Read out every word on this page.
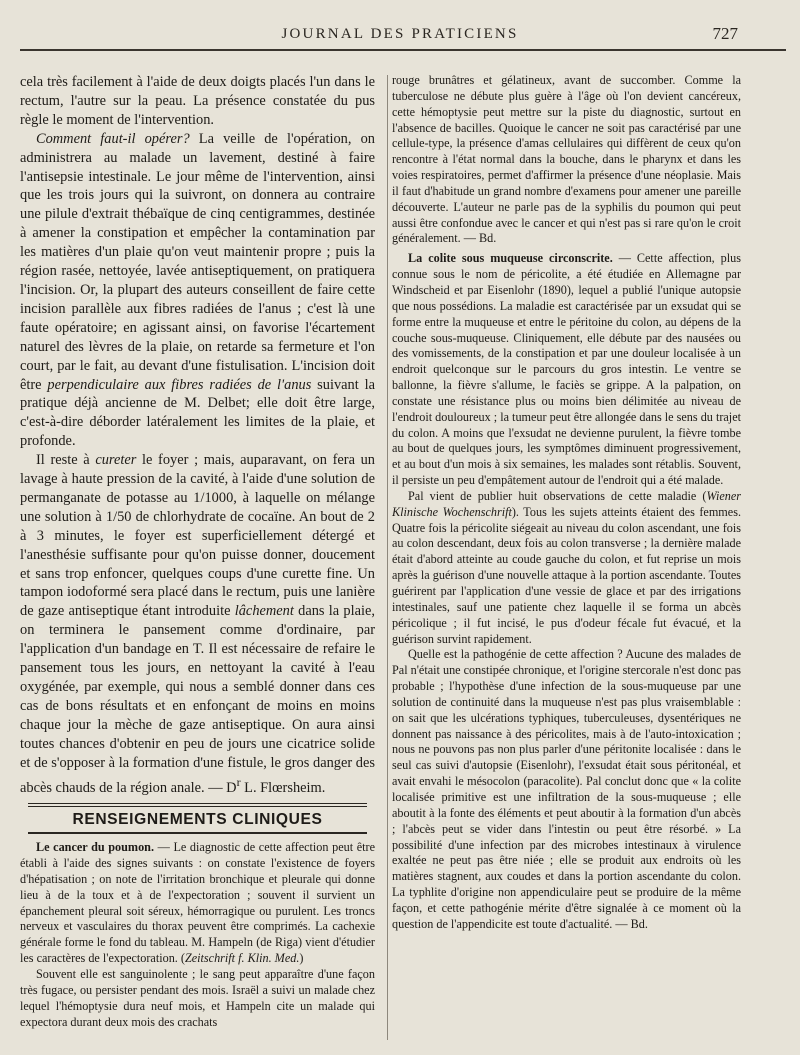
JOURNAL DES PRATICIENS	727

cela très facilement à l'aide de deux doigts placés l'un dans le rectum, l'autre sur la peau. La présence constatée du pus règle le moment de l'intervention.

Comment faut-il opérer? La veille de l'opération, on administrera au malade un lavement, destiné à faire l'antisepsie intestinale. Le jour même de l'intervention, ainsi que les trois jours qui la suivront, on donnera au contraire une pilule d'extrait thébaïque de cinq centigrammes, destinée à amener la constipation et empêcher la contamination par les matières d'un plaie qu'on veut maintenir propre ; puis la région rasée, nettoyée, lavée antiseptiquement, on pratiquera l'incision. Or, la plupart des auteurs conseillent de faire cette incision parallèle aux fibres radiées de l'anus ; c'est là une faute opératoire; en agissant ainsi, on favorise l'écartement naturel des lèvres de la plaie, on retarde sa fermeture et l'on court, par le fait, au devant d'une fistulisation. L'incision doit être perpendiculaire aux fibres radiées de l'anus suivant la pratique déjà ancienne de M. Delbet; elle doit être large, c'est-à-dire déborder latéralement les limites de la plaie, et profonde.

Il reste à cureter le foyer ; mais, auparavant, on fera un lavage à haute pression de la cavité, à l'aide d'une solution de permanganate de potasse au 1/1000, à laquelle on mélange une solution à 1/50 de chlorhydrate de cocaïne. An bout de 2 à 3 minutes, le foyer est superficiellement détergé et l'anesthésie suffisante pour qu'on puisse donner, doucement et sans trop enfoncer, quelques coups d'une curette fine. Un tampon iodoformé sera placé dans le rectum, puis une lanière de gaze antiseptique étant introduite lâchement dans la plaie, on terminera le pansement comme d'ordinaire, par l'application d'un bandage en T. Il est nécessaire de refaire le pansement tous les jours, en nettoyant la cavité à l'eau oxygénée, par exemple, qui nous a semblé donner dans ces cas de bons résultats et en enfonçant de moins en moins chaque jour la mèche de gaze antiseptique. On aura ainsi toutes chances d'obtenir en peu de jours une cicatrice solide et de s'opposer à la formation d'une fistule, le gros danger des abcès chauds de la région anale. — $D^r$ L. Flœrsheim.

RENSEIGNEMENTS CLINIQUES

Le cancer du poumon. — Le diagnostic de cette affection peut être établi à l'aide des signes suivants : on constate l'existence de foyers d'hépatisation ; on note de l'irritation bronchique et pleurale qui donne lieu à de la toux et à de l'expectoration ; souvent il survient un épanchement pleural soit séreux, hémorragique ou purulent. Les troncs nerveux et vasculaires du thorax peuvent être comprimés. La cachexie générale forme le fond du tableau. M. Hampeln (de Riga) vient d'étudier les caractères de l'expectoration. (Zeitschrift f. Klin. Med.)

Souvent elle est sanguinolente ; le sang peut apparaître d'une façon très fugace, ou persister pendant des mois. Israël a suivi un malade chez lequel l'hémoptysie dura neuf mois, et Hampeln cite un malade qui expectora durant deux mois des crachats

rouge brunâtres et gélatineux, avant de succomber. Comme la tuberculose ne débute plus guère à l'âge où l'on devient cancéreux, cette hémoptysie peut mettre sur la piste du diagnostic, surtout en l'absence de bacilles. Quoique le cancer ne soit pas caractérisé par une cellule-type, la présence d'amas cellulaires qui diffèrent de ceux qu'on rencontre à l'état normal dans la bouche, dans le pharynx et dans les voies respiratoires, permet d'affirmer la présence d'une néoplasie. Mais il faut d'habitude un grand nombre d'examens pour amener une pareille découverte. L'auteur ne parle pas de la syphilis du poumon qui peut aussi être confondue avec le cancer et qui n'est pas si rare qu'on le croit généralement. — Bd.

La colite sous muqueuse circonscrite. — Cette affection, plus connue sous le nom de péricolite, a été étudiée en Allemagne par Windscheid et par Eisenlohr (1890), lequel a publié l'unique autopsie que nous possédions. La maladie est caractérisée par un exsudat qui se forme entre la muqueuse et entre le péritoine du colon, au dépens de la couche sous-muqueuse. Cliniquement, elle débute par des nausées ou des vomissements, de la constipation et par une douleur localisée à un endroit quelconque sur le parcours du gros intestin. Le ventre se ballonne, la fièvre s'allume, le faciès se grippe. A la palpation, on constate une résistance plus ou moins bien délimitée au niveau de l'endroit douloureux ; la tumeur peut être allongée dans le sens du trajet du colon. A moins que l'exsudat ne devienne purulent, la fièvre tombe au bout de quelques jours, les symptômes diminuent progressivement, et au bout d'un mois à six semaines, les malades sont rétablis. Souvent, il persiste un peu d'empâtement autour de l'endroit qui a été malade.

Pal vient de publier huit observations de cette maladie (Wiener Klinische Wochenschrift). Tous les sujets atteints étaient des femmes. Quatre fois la péricolite siégeait au niveau du colon ascendant, une fois au colon descendant, deux fois au colon transverse ; la dernière malade était d'abord atteinte au coude gauche du colon, et fut reprise un mois après la guérison d'une nouvelle attaque à la portion ascendante. Toutes guérirent par l'application d'une vessie de glace et par des irrigations intestinales, sauf une patiente chez laquelle il se forma un abcès péricolique ; il fut incisé, le pus d'odeur fécale fut évacué, et la guérison survint rapidement.

Quelle est la pathogénie de cette affection ? Aucune des malades de Pal n'était une constipée chronique, et l'origine stercorale n'est donc pas probable ; l'hypothèse d'une infection de la sous-muqueuse par une solution de continuité dans la muqueuse n'est pas plus vraisemblable : on sait que les ulcérations typhiques, tuberculeuses, dysentériques ne donnent pas naissance à des péricolites, mais à de l'auto-intoxication ; nous ne pouvons pas non plus parler d'une péritonite localisée : dans le seul cas suivi d'autopsie (Eisenlohr), l'exsudat était sous péritonéal, et avait envahi le mésocolon (paracolite). Pal conclut donc que « la colite localisée primitive est une infiltration de la sous-muqueuse ; elle aboutit à la fonte des éléments et peut aboutir à la formation d'un abcès ; l'abcès peut se vider dans l'intestin ou peut être résorbé. » La possibilité d'une infection par des microbes intestinaux à virulence exaltée ne peut pas être niée ; elle se produit aux endroits où les matières stagnent, aux coudes et dans la portion ascendante du colon. La typhlite d'origine non appendiculaire peut se produire de la même façon, et cette pathogénie mérite d'être signalée à ce moment où la question de l'appendicite est toute d'actualité. — Bd.
